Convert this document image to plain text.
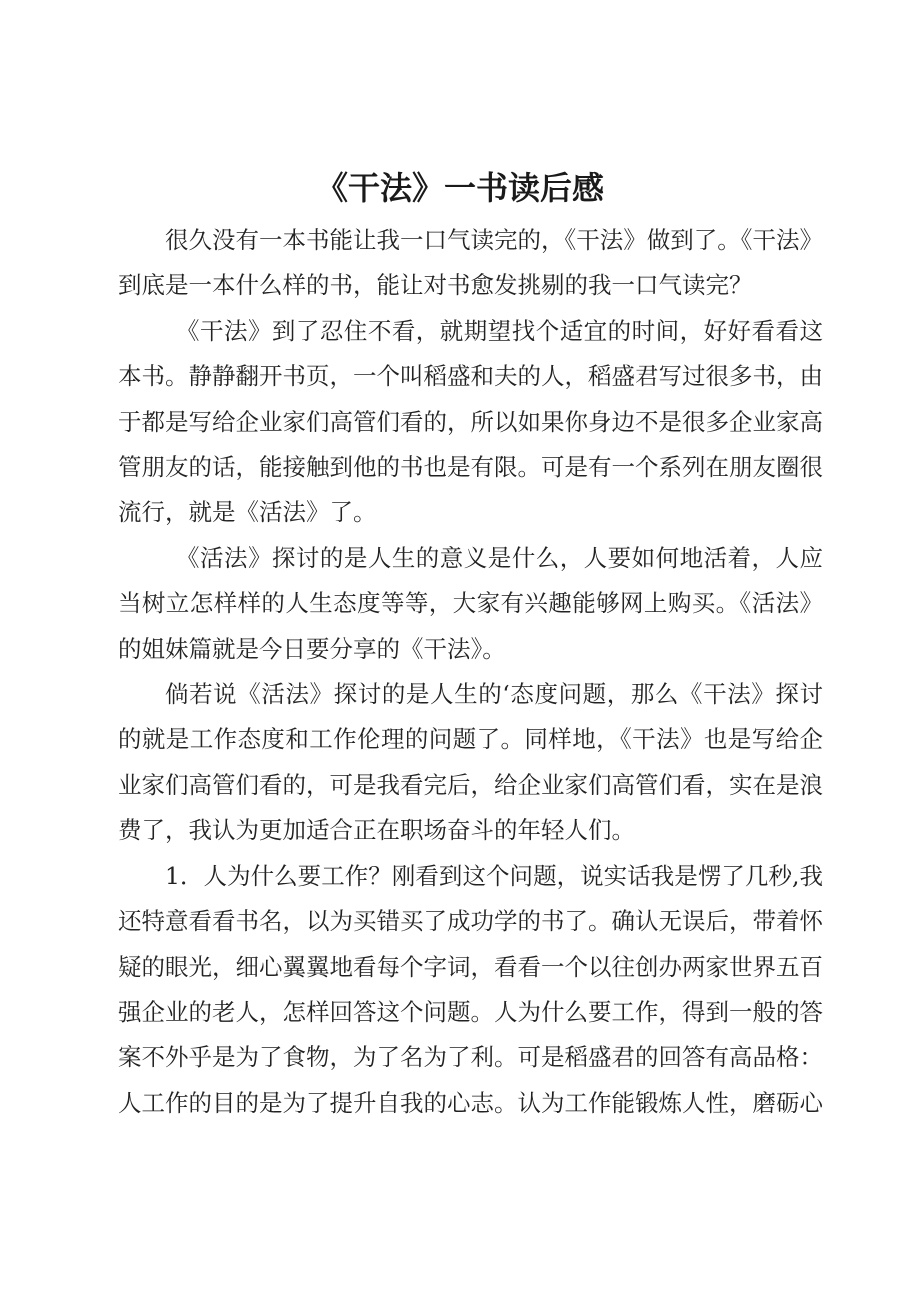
《干法》一书读后感

很久没有一本书能让我一口气读完的，《干法》做到了。《干法》到底是一本什么样的书，能让对书愈发挑剔的我一口气读完？

《干法》到了忍住不看，就期望找个适宜的时间，好好看看这本书。静静翻开书页，一个叫稻盛和夫的人，稻盛君写过很多书，由于都是写给企业家们高管们看的，所以如果你身边不是很多企业家高管朋友的话，能接触到他的书也是有限。可是有一个系列在朋友圈很流行，就是《活法》了。

《活法》探讨的是人生的意义是什么，人要如何地活着，人应当树立怎样样的人生态度等等，大家有兴趣能够网上购买。《活法》的姐妹篇就是今日要分享的《干法》。

倘若说《活法》探讨的是人生的‘态度问题，那么《干法》探讨的就是工作态度和工作伦理的问题了。同样地，《干法》也是写给企业家们高管们看的，可是我看完后，给企业家们高管们看，实在是浪费了，我认为更加适合正在职场奋斗的年轻人们。

1．人为什么要工作？刚看到这个问题，说实话我是愣了几秒,我还特意看看书名，以为买错买了成功学的书了。确认无误后，带着怀疑的眼光，细心翼翼地看每个字词，看看一个以往创办两家世界五百强企业的老人，怎样回答这个问题。人为什么要工作，得到一般的答案不外乎是为了食物，为了名为了利。可是稻盛君的回答有高品格：人工作的目的是为了提升自我的心志。认为工作能锻炼人性，磨砺心
